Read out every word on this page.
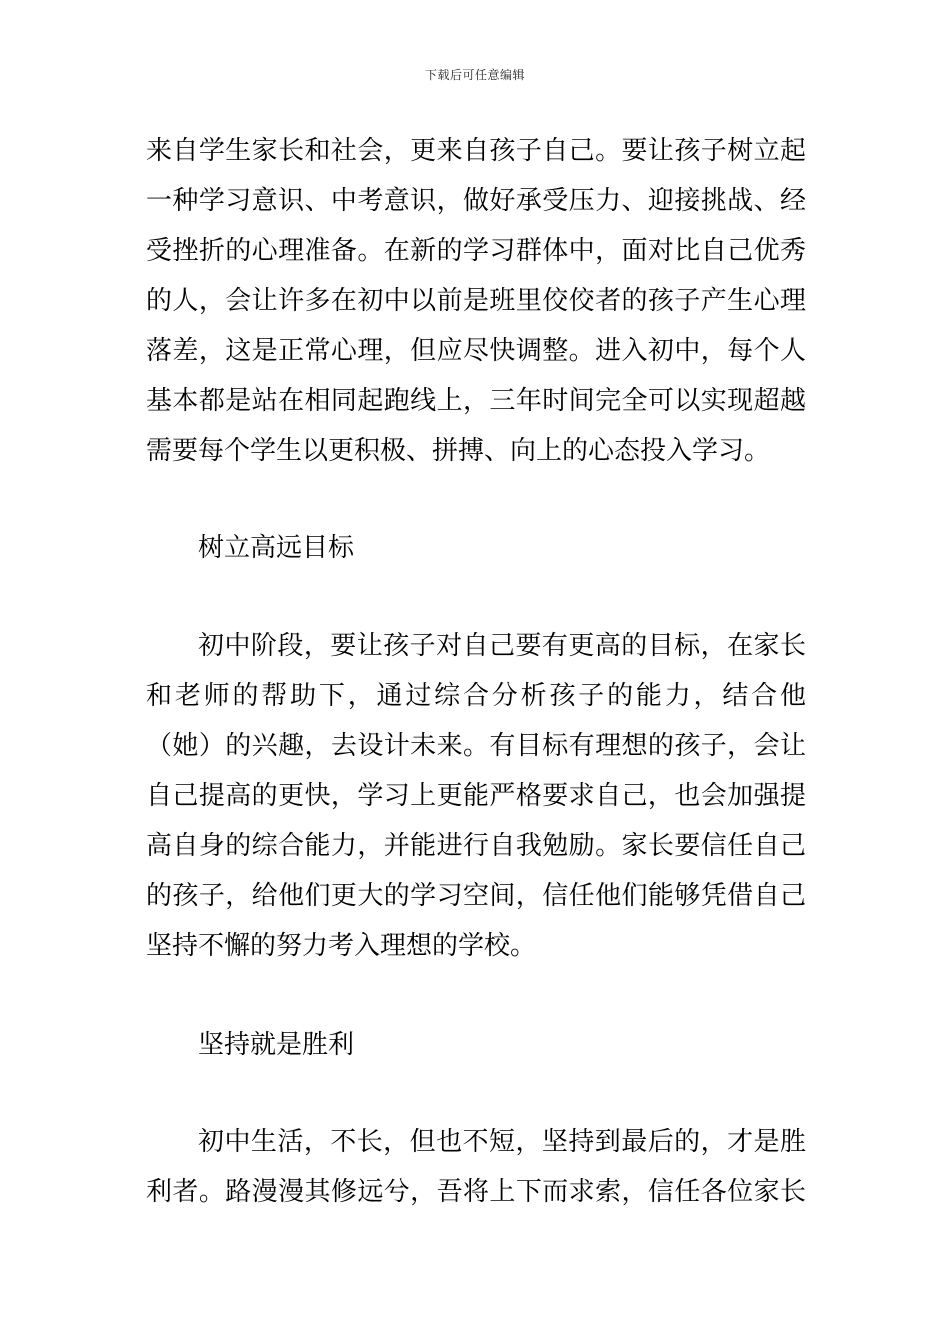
下载后可任意编辑
来自学生家长和社会，更来自孩子自己。要让孩子树立起
一种学习意识、中考意识，做好承受压力、迎接挑战、经
受挫折的心理准备。在新的学习群体中，面对比自己优秀
的人，会让许多在初中以前是班里佼佼者的孩子产生心理
落差，这是正常心理，但应尽快调整。进入初中，每个人
基本都是站在相同起跑线上，三年时间完全可以实现超越
需要每个学生以更积极、拼搏、向上的心态投入学习。
树立高远目标
初中阶段，要让孩子对自己要有更高的目标，在家长
和老师的帮助下，通过综合分析孩子的能力，结合他
（她）的兴趣，去设计未来。有目标有理想的孩子，会让
自己提高的更快，学习上更能严格要求自己，也会加强提
高自身的综合能力，并能进行自我勉励。家长要信任自己
的孩子，给他们更大的学习空间，信任他们能够凭借自己
坚持不懈的努力考入理想的学校。
坚持就是胜利
初中生活，不长，但也不短，坚持到最后的，才是胜
利者。路漫漫其修远兮，吾将上下而求索，信任各位家长
